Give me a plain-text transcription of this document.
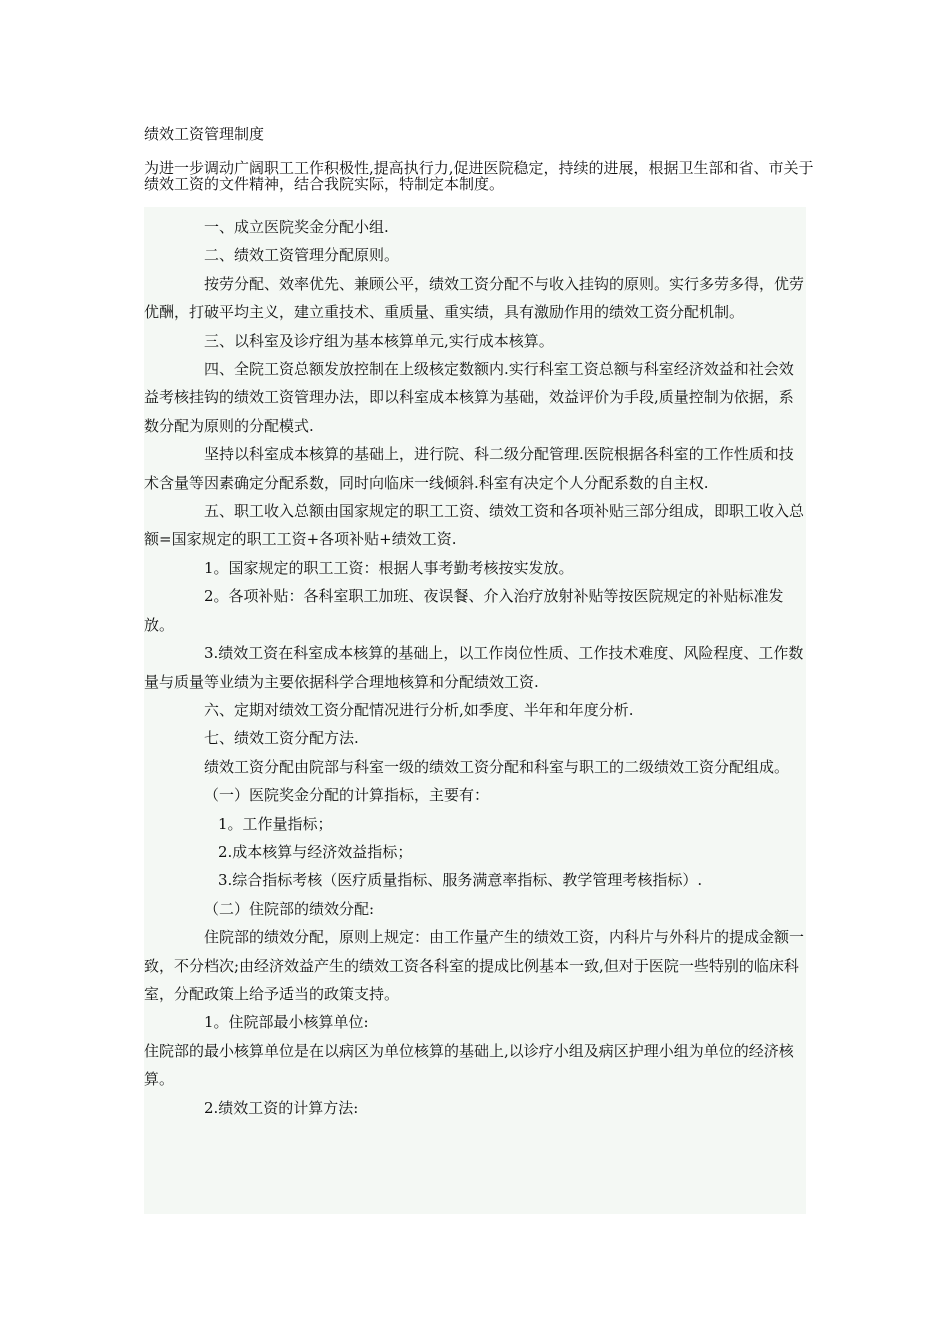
绩效工资管理制度
为进一步调动广阔职工工作积极性,提高执行力,促进医院稳定，持续的进展，根据卫生部和省、市关于绩效工资的文件精神，结合我院实际，特制定本制度。

一、成立医院奖金分配小组.

二、绩效工资管理分配原则。

按劳分配、效率优先、兼顾公平，绩效工资分配不与收入挂钩的原则。实行多劳多得，优劳优酬，打破平均主义，建立重技术、重质量、重实绩，具有激励作用的绩效工资分配机制。

三、以科室及诊疗组为基本核算单元,实行成本核算。

四、全院工资总额发放控制在上级核定数额内.实行科室工资总额与科室经济效益和社会效益考核挂钩的绩效工资管理办法，即以科室成本核算为基础，效益评价为手段,质量控制为依据，系数分配为原则的分配模式.

坚持以科室成本核算的基础上，进行院、科二级分配管理.医院根据各科室的工作性质和技术含量等因素确定分配系数，同时向临床一线倾斜.科室有决定个人分配系数的自主权.

五、职工收入总额由国家规定的职工工资、绩效工资和各项补贴三部分组成，即职工收入总额=国家规定的职工工资+各项补贴+绩效工资.

1。国家规定的职工工资：根据人事考勤考核按实发放。

2。各项补贴：各科室职工加班、夜误餐、介入治疗放射补贴等按医院规定的补贴标准发放。

3.绩效工资在科室成本核算的基础上，以工作岗位性质、工作技术难度、风险程度、工作数量与质量等业绩为主要依据科学合理地核算和分配绩效工资.

六、定期对绩效工资分配情况进行分析,如季度、半年和年度分析.

七、绩效工资分配方法.

绩效工资分配由院部与科室一级的绩效工资分配和科室与职工的二级绩效工资分配组成。

（一）医院奖金分配的计算指标，主要有：

1。工作量指标；

2.成本核算与经济效益指标；

3.综合指标考核（医疗质量指标、服务满意率指标、教学管理考核指标）.

（二）住院部的绩效分配:

住院部的绩效分配，原则上规定：由工作量产生的绩效工资，内科片与外科片的提成金额一致，不分档次;由经济效益产生的绩效工资各科室的提成比例基本一致,但对于医院一些特别的临床科室，分配政策上给予适当的政策支持。

1。住院部最小核算单位:

住院部的最小核算单位是在以病区为单位核算的基础上,以诊疗小组及病区护理小组为单位的经济核算。

2.绩效工资的计算方法:
